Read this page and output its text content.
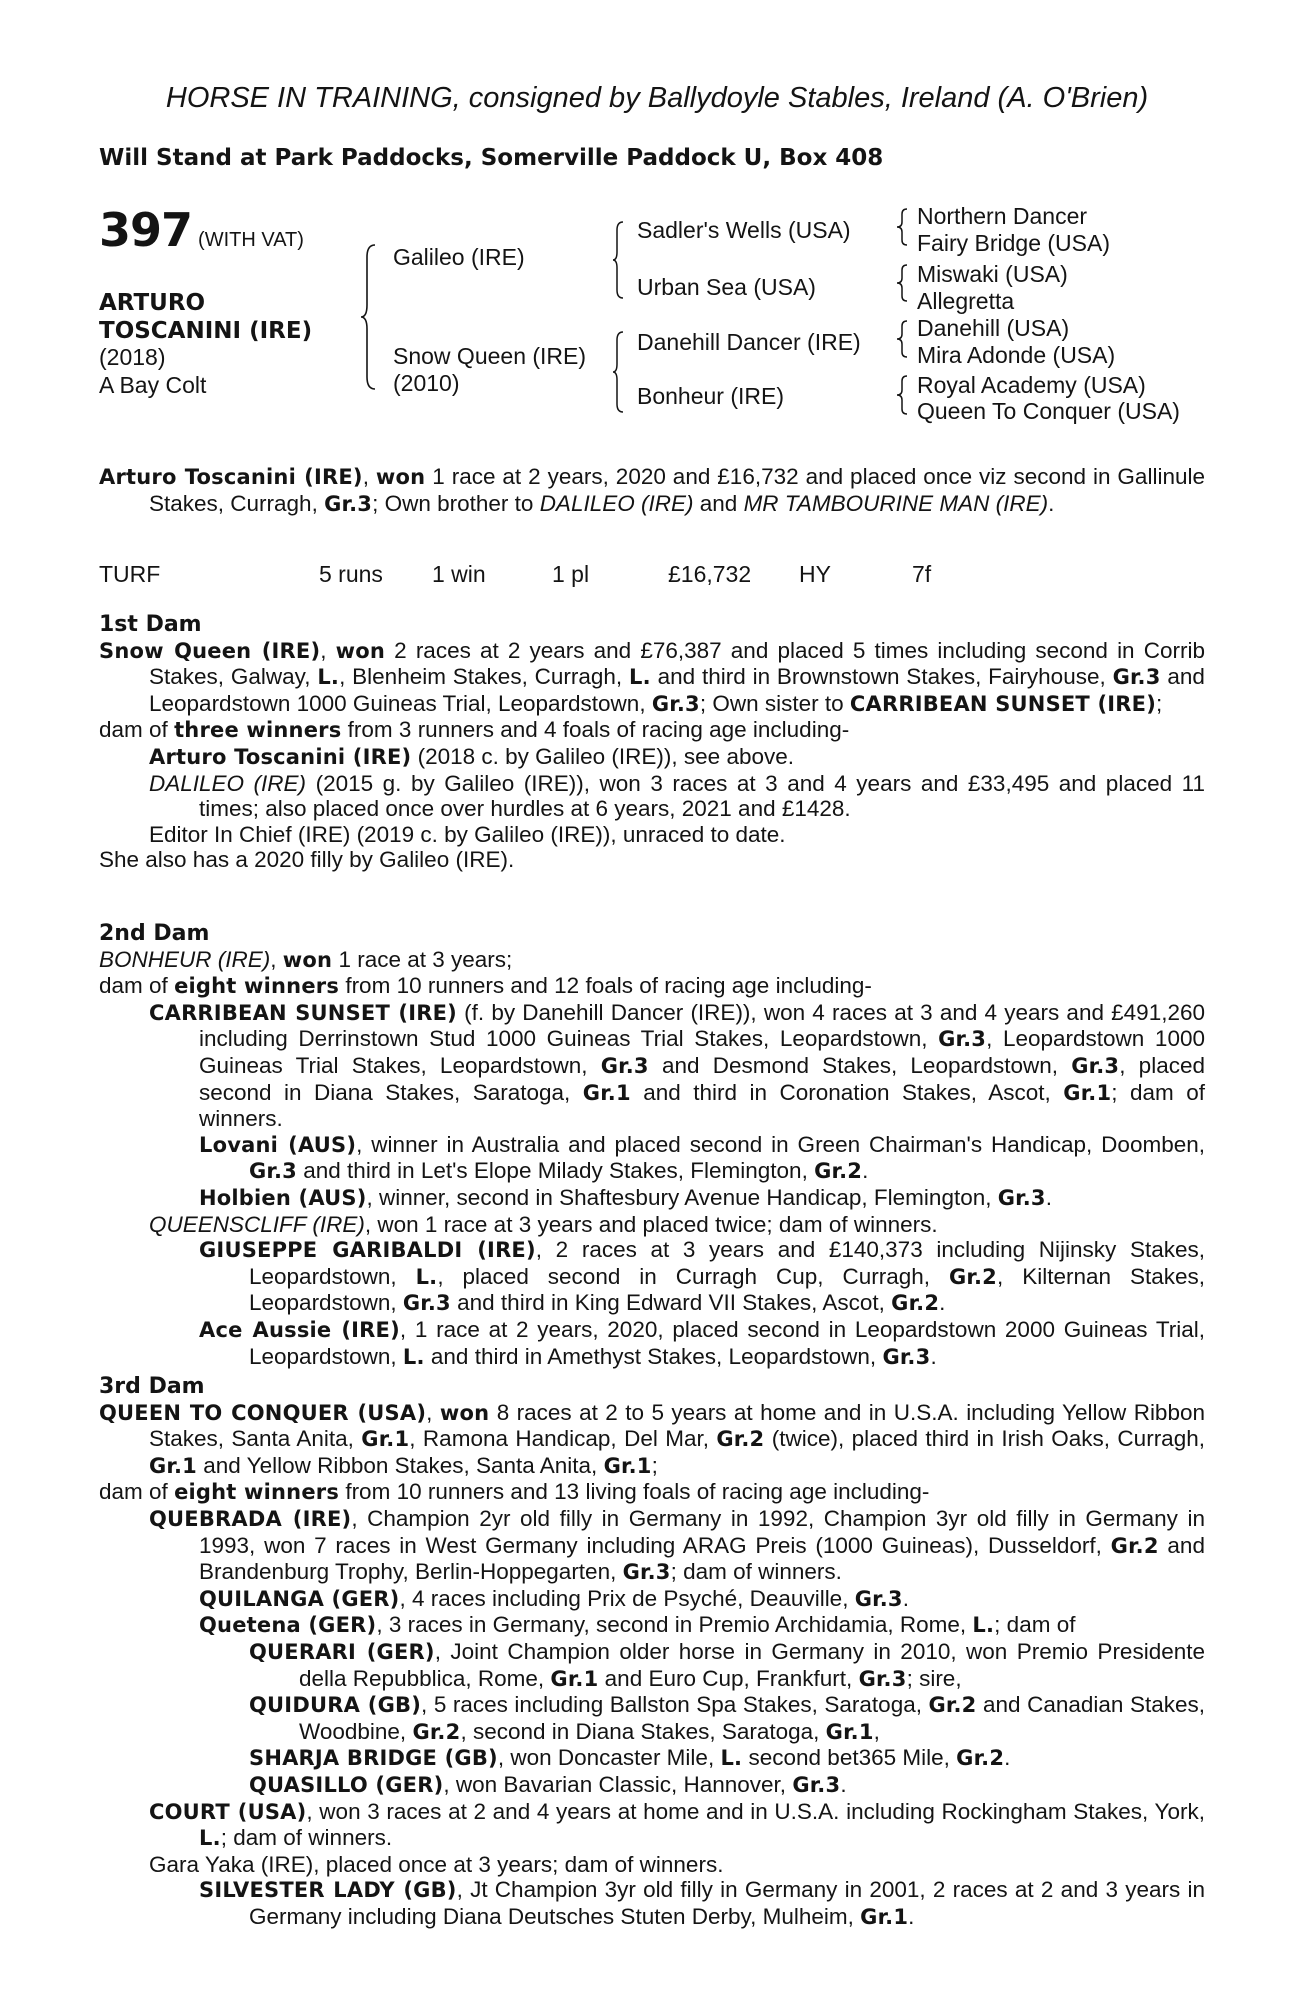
HORSE IN TRAINING, consigned by Ballydoyle Stables, Ireland (A. O'Brien)
Will Stand at Park Paddocks, Somerville Paddock U, Box 408
397 (WITH VAT)
ARTURO
TOSCANINI (IRE)
(2018)
A Bay Colt
Galileo (IRE)
Snow Queen (IRE)
(2010)
Sadler's Wells (USA)
Urban Sea (USA)
Danehill Dancer (IRE)
Bonheur (IRE)
Northern Dancer
Fairy Bridge (USA)
Miswaki (USA)
Allegretta
Danehill (USA)
Mira Adonde (USA)
Royal Academy (USA)
Queen To Conquer (USA)

Arturo Toscanini (IRE), won 1 race at 2 years, 2020 and £16,732 and placed once viz second in Gallinule Stakes, Curragh, Gr.3; Own brother to DALILEO (IRE) and MR TAMBOURINE MAN (IRE).

TURF	5 runs 1 win	1 pl	£16,732 HY	7f

1st Dam

Snow Queen (IRE), won 2 races at 2 years and £76,387 and placed 5 times including second in Corrib Stakes, Galway, L., Blenheim Stakes, Curragh, L. and third in Brownstown Stakes, Fairyhouse, Gr.3 and Leopardstown 1000 Guineas Trial, Leopardstown, Gr.3; Own sister to CARRIBEAN SUNSET (IRE);

dam of three winners from 3 runners and 4 foals of racing age including-

Arturo Toscanini (IRE) (2018 c. by Galileo (IRE)), see above.

DALILEO (IRE) (2015 g. by Galileo (IRE)), won 3 races at 3 and 4 years and £33,495 and placed 11 times; also placed once over hurdles at 6 years, 2021 and £1428.

Editor In Chief (IRE) (2019 c. by Galileo (IRE)), unraced to date.

She also has a 2020 filly by Galileo (IRE).

2nd Dam

BONHEUR (IRE), won 1 race at 3 years;

dam of eight winners from 10 runners and 12 foals of racing age including-

CARRIBEAN SUNSET (IRE) (f. by Danehill Dancer (IRE)), won 4 races at 3 and 4 years and £491,260 including Derrinstown Stud 1000 Guineas Trial Stakes, Leopardstown, Gr.3, Leopardstown 1000 Guineas Trial Stakes, Leopardstown, Gr.3 and Desmond Stakes, Leopardstown, Gr.3, placed second in Diana Stakes, Saratoga, Gr.1 and third in Coronation Stakes, Ascot, Gr.1; dam of winners.

Lovani (AUS), winner in Australia and placed second in Green Chairman's Handicap, Doomben, Gr.3 and third in Let's Elope Milady Stakes, Flemington, Gr.2.

Holbien (AUS), winner, second in Shaftesbury Avenue Handicap, Flemington, Gr.3.

QUEENSCLIFF (IRE), won 1 race at 3 years and placed twice; dam of winners.

GIUSEPPE GARIBALDI (IRE), 2 races at 3 years and £140,373 including Nijinsky Stakes, Leopardstown, L., placed second in Curragh Cup, Curragh, Gr.2, Kilternan Stakes, Leopardstown, Gr.3 and third in King Edward VII Stakes, Ascot, Gr.2.

Ace Aussie (IRE), 1 race at 2 years, 2020, placed second in Leopardstown 2000 Guineas Trial, Leopardstown, L. and third in Amethyst Stakes, Leopardstown, Gr.3.

3rd Dam

QUEEN TO CONQUER (USA), won 8 races at 2 to 5 years at home and in U.S.A. including Yellow Ribbon Stakes, Santa Anita, Gr.1, Ramona Handicap, Del Mar, Gr.2 (twice), placed third in Irish Oaks, Curragh, Gr.1 and Yellow Ribbon Stakes, Santa Anita, Gr.1;

dam of eight winners from 10 runners and 13 living foals of racing age including-

QUEBRADA (IRE), Champion 2yr old filly in Germany in 1992, Champion 3yr old filly in Germany in 1993, won 7 races in West Germany including ARAG Preis (1000 Guineas), Dusseldorf, Gr.2 and Brandenburg Trophy, Berlin-Hoppegarten, Gr.3; dam of winners.

QUILANGA (GER), 4 races including Prix de Psyché, Deauville, Gr.3.

Quetena (GER), 3 races in Germany, second in Premio Archidamia, Rome, L.; dam of

QUERARI (GER), Joint Champion older horse in Germany in 2010, won Premio Presidente della Repubblica, Rome, Gr.1 and Euro Cup, Frankfurt, Gr.3; sire,

QUIDURA (GB), 5 races including Ballston Spa Stakes, Saratoga, Gr.2 and Canadian Stakes, Woodbine, Gr.2, second in Diana Stakes, Saratoga, Gr.1,

SHARJA BRIDGE (GB), won Doncaster Mile, L. second bet365 Mile, Gr.2.

QUASILLO (GER), won Bavarian Classic, Hannover, Gr.3.

COURT (USA), won 3 races at 2 and 4 years at home and in U.S.A. including Rockingham Stakes, York, L.; dam of winners.

Gara Yaka (IRE), placed once at 3 years; dam of winners.

SILVESTER LADY (GB), Jt Champion 3yr old filly in Germany in 2001, 2 races at 2 and 3 years in Germany including Diana Deutsches Stuten Derby, Mulheim, Gr.1.
